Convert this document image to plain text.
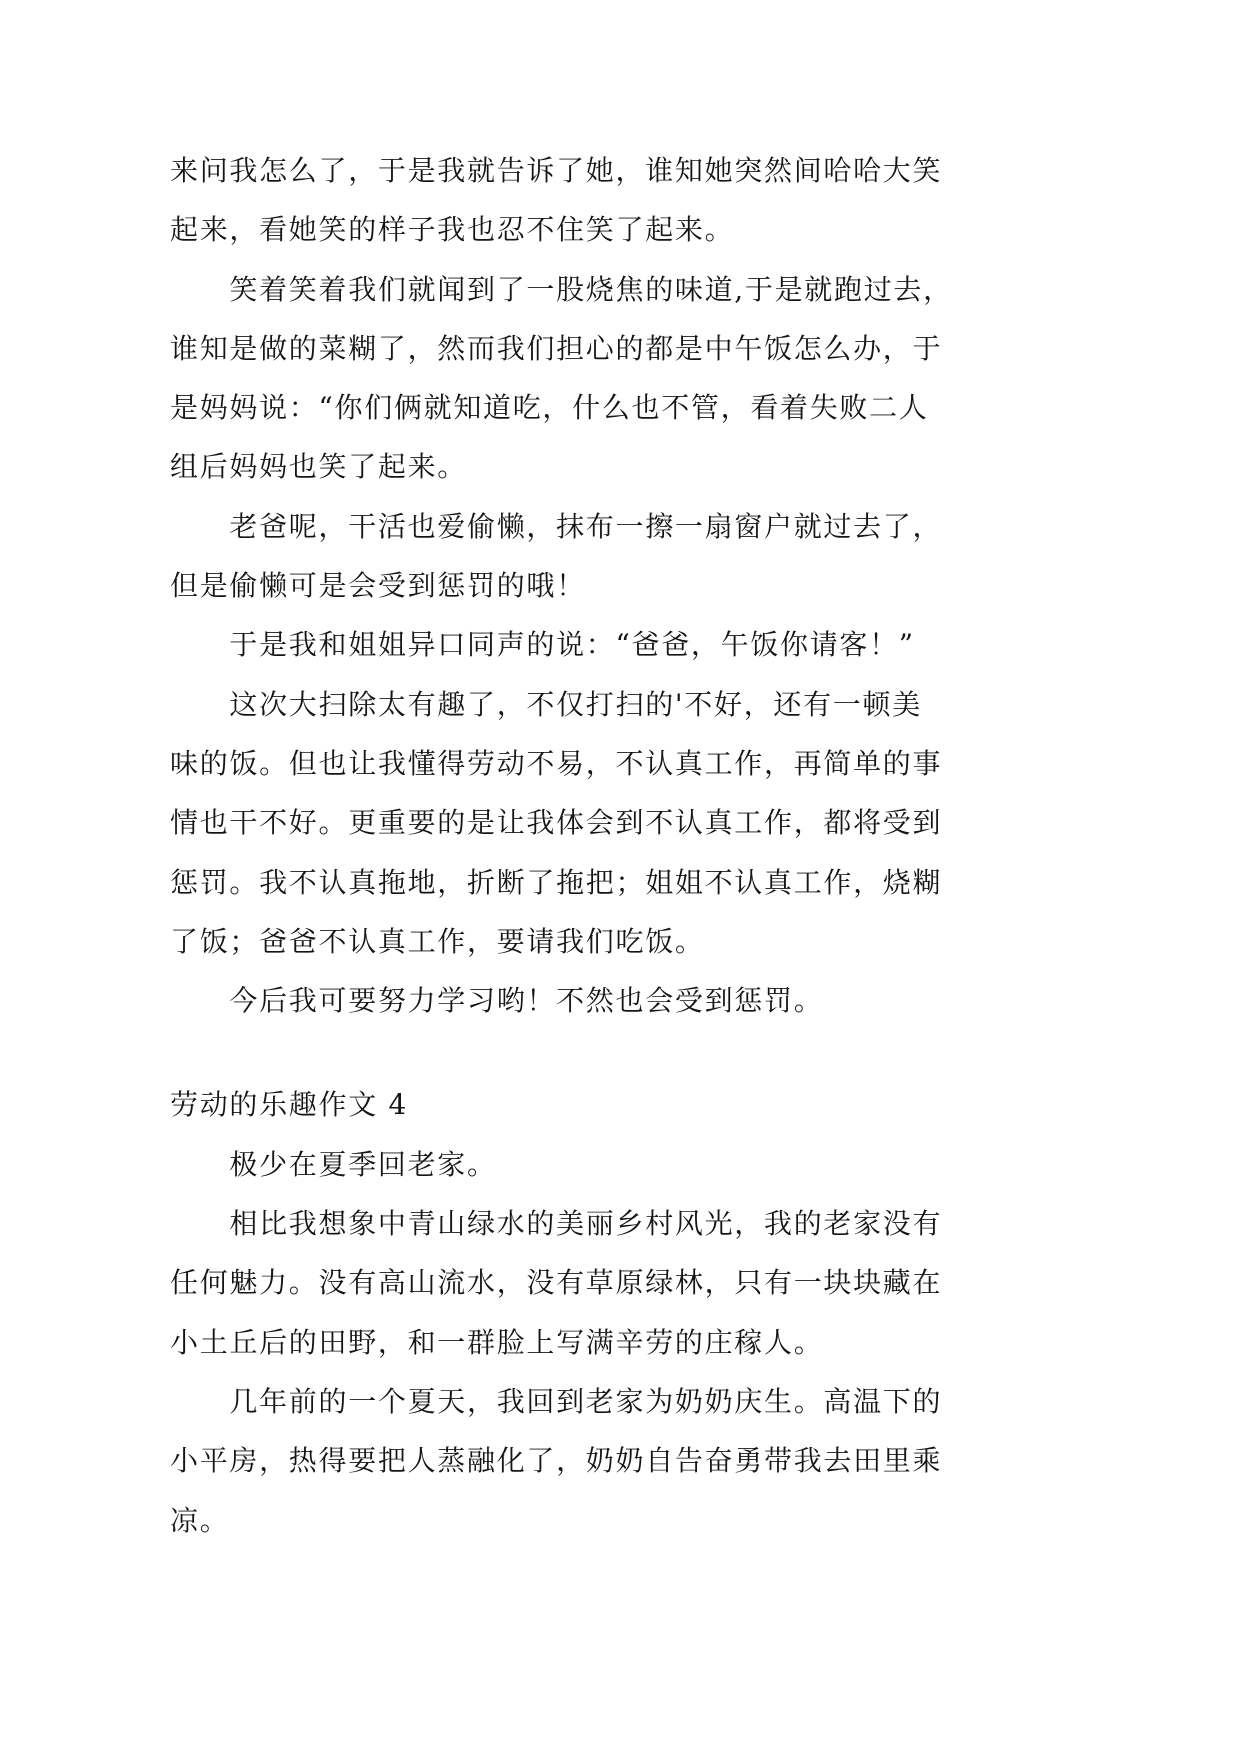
来问我怎么了，于是我就告诉了她，谁知她突然间哈哈大笑
起来，看她笑的样子我也忍不住笑了起来。
笑着笑着我们就闻到了一股烧焦的味道,于是就跑过去，
谁知是做的菜糊了，然而我们担心的都是中午饭怎么办，于
是妈妈说：“你们俩就知道吃，什么也不管，看着失败二人
组后妈妈也笑了起来。
老爸呢，干活也爱偷懒，抹布一擦一扇窗户就过去了，
但是偷懒可是会受到惩罚的哦！
于是我和姐姐异口同声的说：“爸爸，午饭你请客！”
这次大扫除太有趣了，不仅打扫的'不好，还有一顿美
味的饭。但也让我懂得劳动不易，不认真工作，再简单的事
情也干不好。更重要的是让我体会到不认真工作，都将受到
惩罚。我不认真拖地，折断了拖把；姐姐不认真工作，烧糊
了饭；爸爸不认真工作，要请我们吃饭。
今后我可要努力学习哟！不然也会受到惩罚。
劳动的乐趣作文 4
极少在夏季回老家。
相比我想象中青山绿水的美丽乡村风光，我的老家没有
任何魅力。没有高山流水，没有草原绿林，只有一块块藏在
小土丘后的田野，和一群脸上写满辛劳的庄稼人。
几年前的一个夏天，我回到老家为奶奶庆生。高温下的
小平房，热得要把人蒸融化了，奶奶自告奋勇带我去田里乘
凉。
